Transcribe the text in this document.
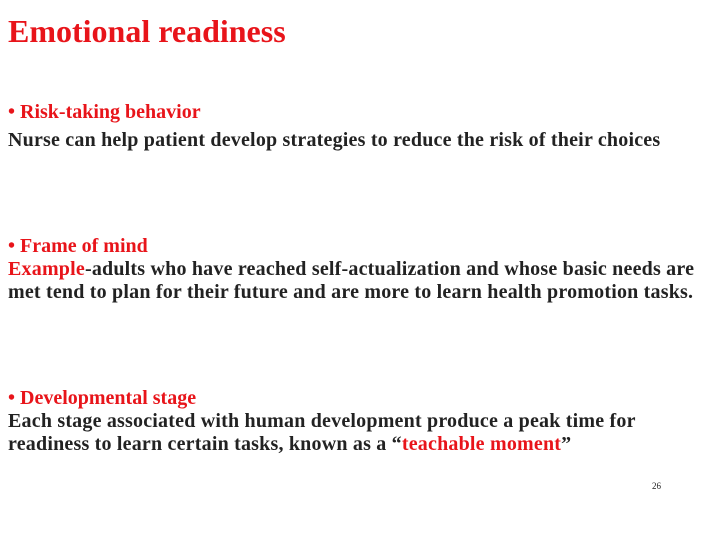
Emotional readiness
• Risk-taking behavior
Nurse can help patient develop strategies to reduce the risk of their choices
• Frame of mind
Example-adults who have reached self-actualization and whose basic needs are met tend to plan for their future and are more to learn health promotion tasks.
• Developmental stage
Each stage associated with human development produce a peak time for readiness to learn certain tasks, known as a “teachable moment”
26
